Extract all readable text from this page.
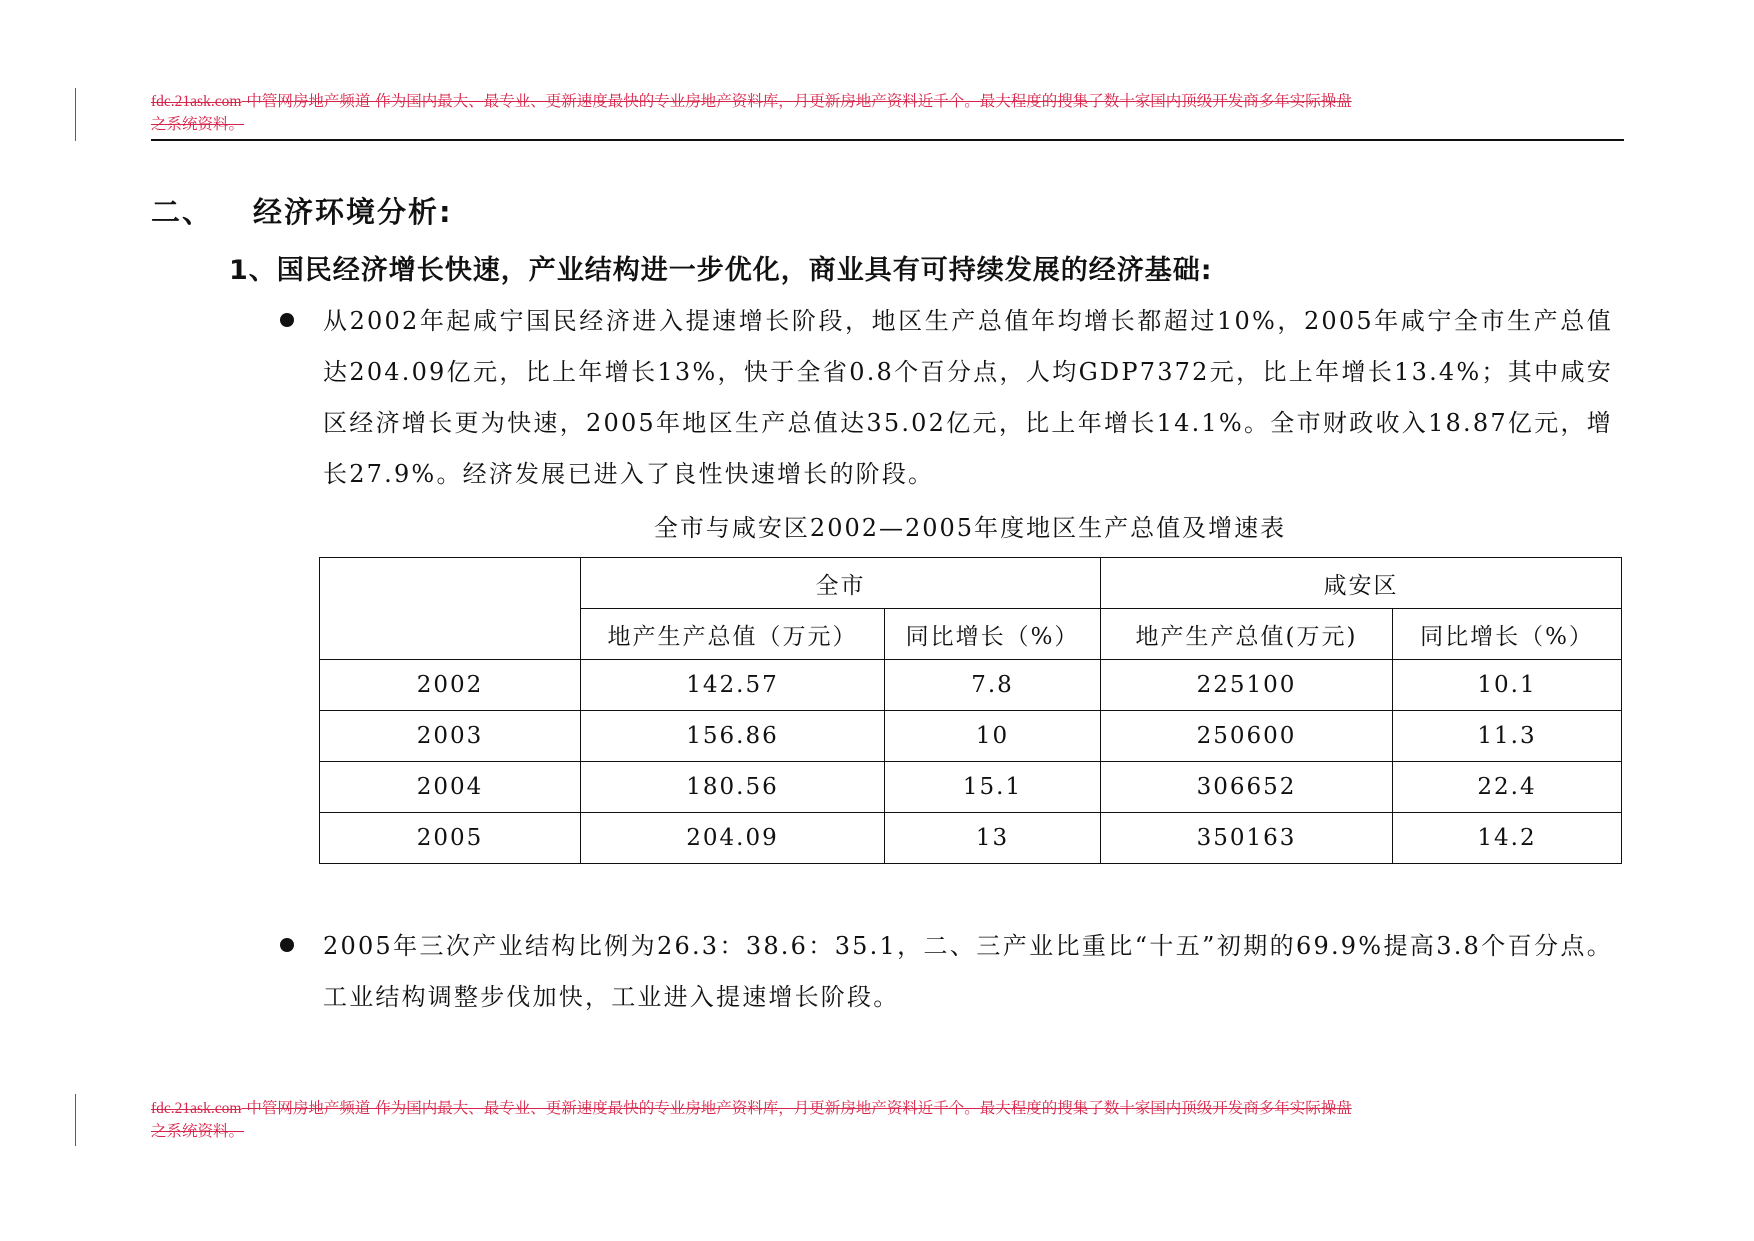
fdc.21ask.com 中管网房地产频道 作为国内最大、最专业、更新速度最快的专业房地产资料库，月更新房地产资料近千个。最大程度的搜集了数十家国内顶级开发商多年实际操盘
之系统资料。
二、 经济环境分析:
1、国民经济增长快速，产业结构进一步优化，商业具有可持续发展的经济基础:
从2002年起咸宁国民经济进入提速增长阶段，地区生产总值年均增长都超过10%，2005年咸宁全市生产总值达204.09亿元，比上年增长13%，快于全省0.8个百分点，人均GDP7372元，比上年增长13.4%；其中咸安区经济增长更为快速，2005年地区生产总值达35.02亿元，比上年增长14.1%。全市财政收入18.87亿元，增长27.9%。经济发展已进入了良性快速增长的阶段。
全市与咸安区2002—2005年度地区生产总值及增速表
	全市		咸安区	
	地产生产总值（万元）	同比增长（%）	地产生产总值(万元)	同比增长（%）
2002	142.57	7.8	225100	10.1
2003	156.86	10	250600	11.3
2004	180.56	15.1	306652	22.4
2005	204.09	13	350163	14.2
2005年三次产业结构比例为26.3：38.6：35.1，二、三产业比重比“十五”初期的69.9%提高3.8个百分点。工业结构调整步伐加快，工业进入提速增长阶段。
fdc.21ask.com 中管网房地产频道 作为国内最大、最专业、更新速度最快的专业房地产资料库，月更新房地产资料近千个。最大程度的搜集了数十家国内顶级开发商多年实际操盘
之系统资料。
